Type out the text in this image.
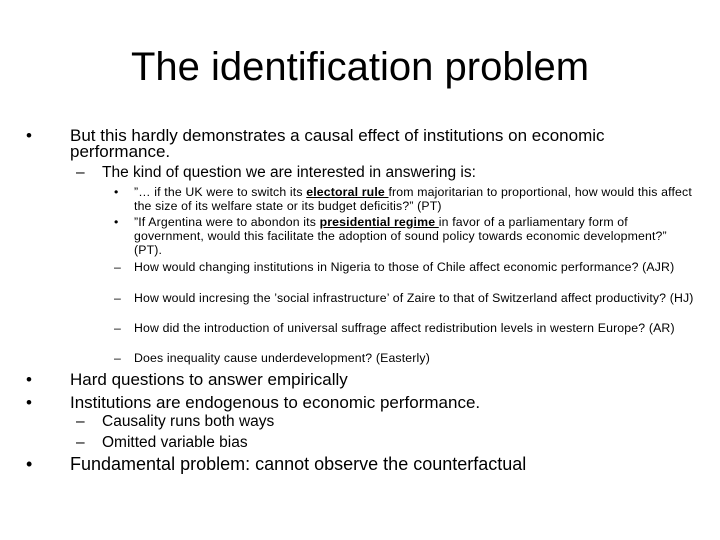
The identification problem
• But this hardly demonstrates a causal effect of institutions on economic performance.
– The kind of question we are interested in answering is:
• ”… if the UK were to switch its electoral rule from majoritarian to proportional, how would this affect the size of its welfare state or its budget deficitis?” (PT)
• ”If Argentina were to abondon its presidential regime in favor of a parliamentary form of government, would this facilitate the adoption of sound policy towards economic development?” (PT).
– How would changing institutions in Nigeria to those of Chile affect economic performance? (AJR)
– How would incresing the ’social infrastructure’ of Zaire to that of Switzerland affect productivity? (HJ)
– How did the introduction of universal suffrage affect redistribution levels in western Europe? (AR)
– Does inequality cause underdevelopment? (Easterly)
• Hard questions to answer empirically
• Institutions are endogenous to economic performance.
– Causality runs both ways
– Omitted variable bias
• Fundamental problem: cannot observe the counterfactual
